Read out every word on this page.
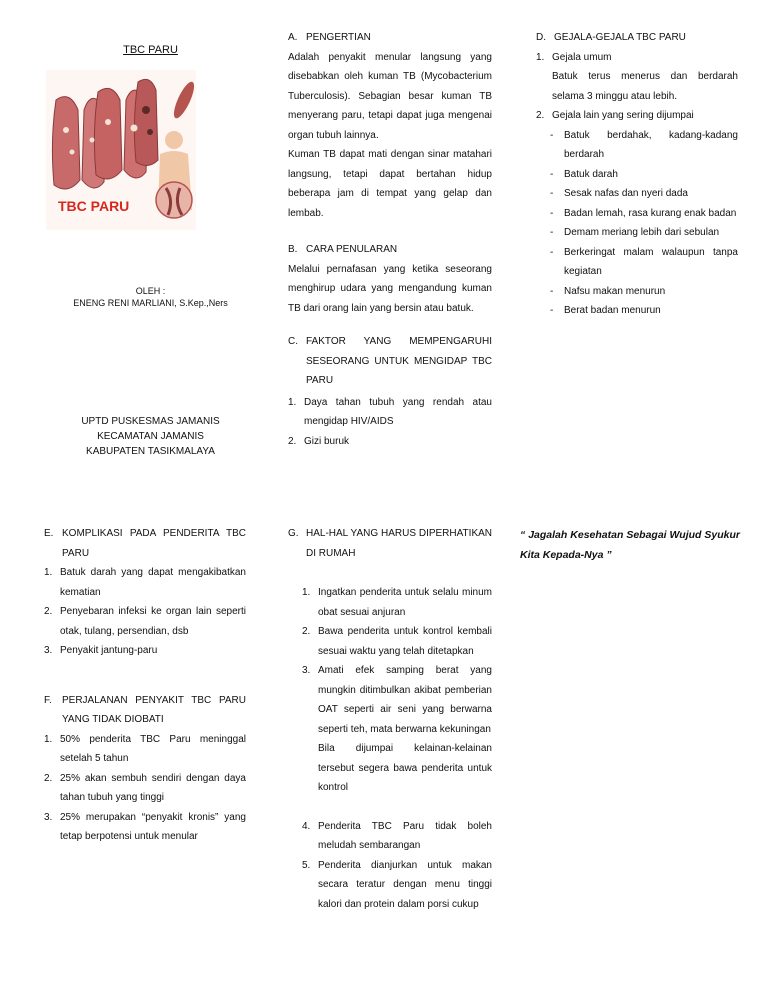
TBC PARU
TBC PARU
OLEH :
ENENG RENI MARLIANI, S.Kep.,Ners
UPTD PUSKESMAS JAMANIS
KECAMATAN JAMANIS
KABUPATEN TASIKMALAYA
A. PENGERTIAN

Adalah penyakit menular langsung yang disebabkan oleh kuman TB (Mycobacterium Tuberculosis). Sebagian besar kuman TB menyerang paru, tetapi dapat juga mengenai organ tubuh lainnya.

Kuman TB dapat mati dengan sinar matahari langsung, tetapi dapat bertahan hidup beberapa jam di tempat yang gelap dan lembab.

B. CARA PENULARAN

Melalui pernafasan yang ketika seseorang menghirup udara yang mengandung kuman TB dari orang lain yang bersin atau batuk.

C. FAKTOR YANG MEMPENGARUHI SESEORANG UNTUK MENGIDAP TBC PARU
1. Daya tahan tubuh yang rendah atau mengidap HIV/AIDS
2. Gizi buruk
D. GEJALA-GEJALA TBC PARU
1. Gejala umum

Batuk terus menerus dan berdarah selama 3 minggu atau lebih.

2. Gejala lain yang sering dijumpai
-	Batuk berdahak, kadang-kadang berdarah
-	Batuk darah
-	Sesak nafas dan nyeri dada
-	Badan lemah, rasa kurang enak badan
-	Demam meriang lebih dari sebulan
-	Berkeringat malam walaupun tanpa kegiatan
-	Nafsu makan menurun
-	Berat badan menurun
E. KOMPLIKASI PADA PENDERITA TBC PARU
1. Batuk darah yang dapat mengakibatkan kematian
2. Penyebaran infeksi ke organ lain seperti otak, tulang, persendian, dsb
3. Penyakit jantung-paru
F.	PERJALANAN PENYAKIT TBC PARU YANG TIDAK DIOBATI
1. 50% penderita TBC Paru meninggal setelah 5 tahun
2. 25% akan sembuh sendiri dengan daya tahan tubuh yang tinggi
3. 25% merupakan “penyakit kronis” yang tetap berpotensi untuk menular
G. HAL-HAL YANG HARUS DIPERHATIKAN DI RUMAH
1. Ingatkan penderita untuk selalu minum obat sesuai anjuran
2. Bawa penderita untuk kontrol kembali sesuai waktu yang telah ditetapkan
3. Amati efek samping berat yang mungkin ditimbulkan akibat pemberian OAT seperti air seni yang berwarna seperti teh, mata berwarna kekuningan

Bila dijumpai kelainan-kelainan tersebut segera bawa penderita untuk kontrol

4. Penderita TBC Paru tidak boleh meludah sembarangan
5. Penderita dianjurkan untuk makan secara teratur dengan menu tinggi kalori dan protein dalam porsi cukup

“ Jagalah Kesehatan Sebagai Wujud Syukur Kita Kepada-Nya ”
